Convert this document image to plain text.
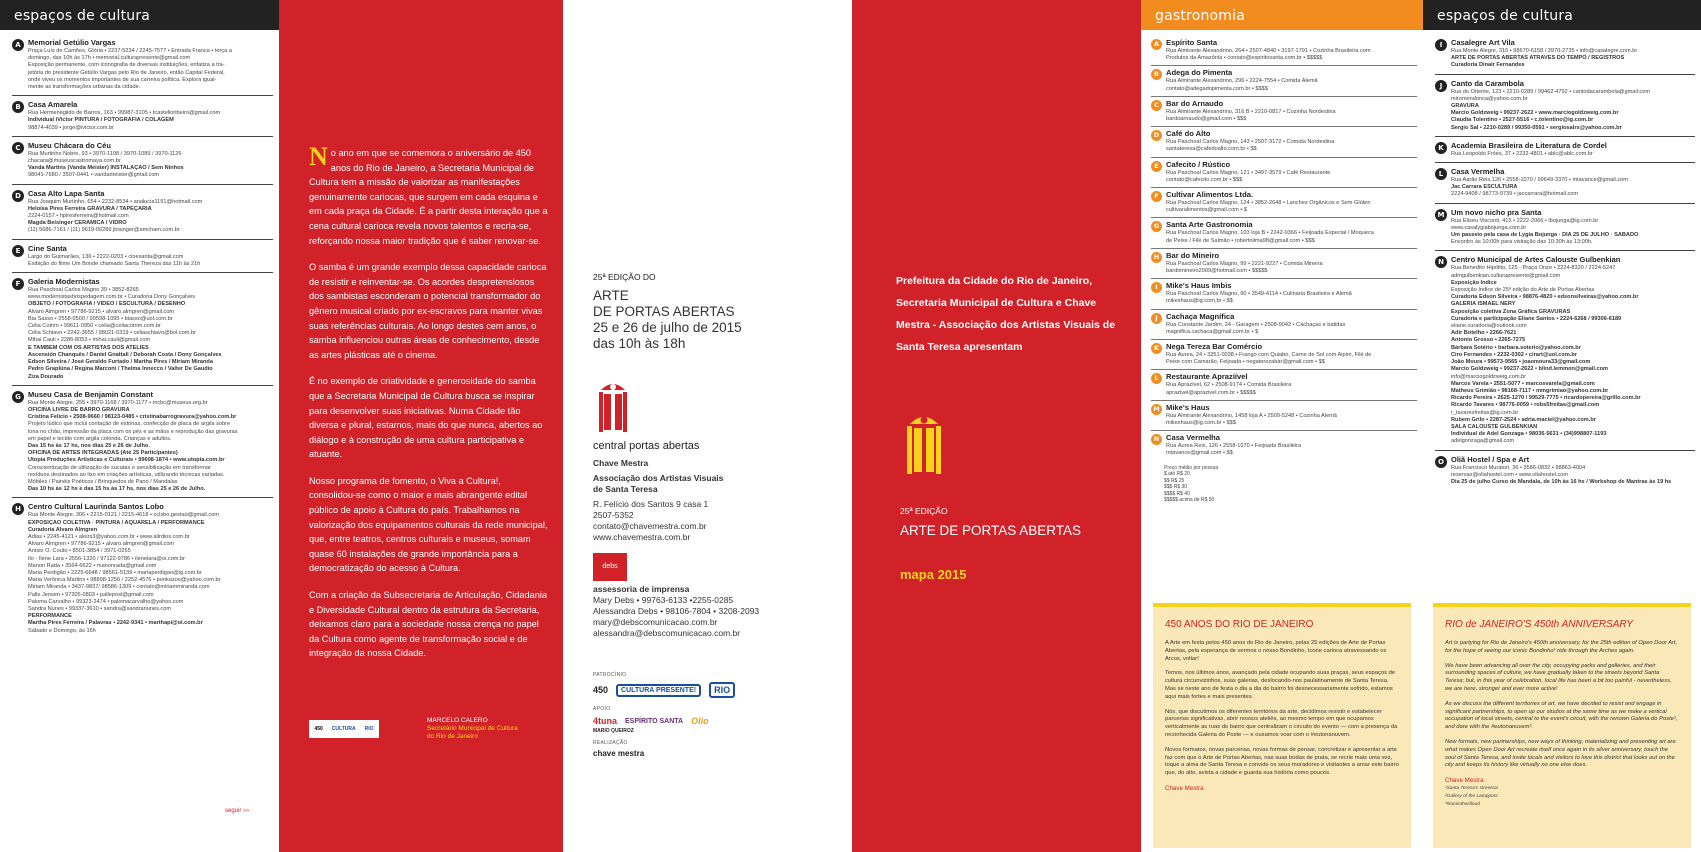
espaços de cultura
A Memorial Getúlio Vargas
Praça Luís de Camões, Glória • 2237-5234 / 2245-7577 • Entrada Franca • terça a
domingo, das 10h às 17h • memorial.culturapresente@gmail.com
Exposição permanente, com iconografia de diversas instituições, enfatiza a tra-
jetória do presidente Getúlio Vargas pelo Rio de Janeiro, então Capital Federal,
onde viveu os momentos importantes de sua carreira política. Explora igual-
mente as transformações urbanas da cidade.
B Casa Amarela
Rua Hermenegildo de Barros, 163 • 99987-3105 • tcastelloribeiro@gmail.com
Individual iVictor PINTURA / FOTOGRAFIA / COLAGEM
98874-4039 • jorge@ivictor.com.br
C Museu Chácara do Céu
Rua Murtinho Nobre, 93 • 3970-1198 / 3970-1089 / 3970-1126
chacara@museuscastromaya.com.br
Vanda Martins (Vanda Meister) INSTALAÇÃO / Sem Ninhos
98041-7680 / 3507-0441 • vandameister@gmail.com
D Casa Alto Lapa Santa
Rua Joaquim Murtinho, 654 • 2232-8534 • analucia1191@hotmail.com
Heloísa Pires Ferreira GRAVURA / TAPEÇARIA
2224-0157 • hpiresferreira@hotmail.com
Magda Beisinger CERÂMICA / VIDRO
(11) 5686-7161 / (11) 9619-00289 jbisinger@amcham.com.br
E	Cine Santa
Largo do Guimarães, 136 • 2222-0203 • cinesanta@gmail.com
Exibição do filme Um Bonde chamado Santa Thereza das 11h às 21h
F	Galeria Modernistas
Rua Paschoal Carlos Magno 39 • 3852-8265
www.modernistashospedagem.com.br • Curadoria Dony Gonçalves
OBJETO / FOTOGRAFIA / VÍDEO / ESCULTURA / DESENHO
Alvaro Almgren • 97786-9215 • alvaro.almgren@gmail.com
Bia Sasso • 2558-0500 / 99598-1095 • biasso@uol.com.br
Celia Cotrim • 99611-0950 • celia@celiacotrim.com.br
Célia Schiavo • 2242-3655 / 98021-0319 • celiaschiavo@bol.com.br
Mihai Cauli • 2286-8053 • mihai.cauli@gmail.com
E TAMBÉM COM OS ARTISTAS DOS ATELIÊS
Ascensión Chanquês / Daniel Gnattali / Deborah Costa / Dony Gonçalves
Edson Silveira / José Geraldo Furtado / Martha Pires / Miriam Miranda
Pedro Graplúna / Regina Marconi / Thelma Innecco / Valter De Gaudio
Ziza Dourado
G Museu Casa de Benjamin Constant
Rua Monte Alegre, 255 • 3970-1168 / 3970-1177 • mcbc@museus.org.br
OFICINA LIVRE DE BARRO GRAVURA
Cristina Felicio • 2508-9660 / 98123-0485 • cristinabarrogravura@yahoo.com.br
Projeto lúdico que inclui contação de estórias, confecção de placa de argila sobre
lona no chão, impressão da placa com os pés e as mãos e reprodução das gravuras
em papel e tecido com argila colorida. Crianças e adultos.
Das 15 hs às 17 hs, nos dias 25 e 26 de Julho.
OFICINA DE ARTES INTEGRADAS (Até 25 Participantes)
Utopia Produções Artísticas e Culturais • 99608-1874 • www.utopia.com.br
Conscientização de utilização de sucatas e sensibilização em transformar
resíduos destinados ao lixo em criações artísticas, utilizando técnicas variadas.
Móbiles / Painéis Poéticos / Brinquedos de Pano / Mandalas
Das 10 hs às 12 hs e das 15 hs às 17 hs, nos dias 25 e 26 de Julho.
H Centro Cultural Laurinda Santos Lobo
Rua Monte Alegre, 306 • 2215-0121 / 2215-4618 • cclsbo.gestao@gmail.com
EXPOSIÇÃO COLETIVA · PINTURA / AQUARELA / PERFORMANCE
Curadoria Alvaro Almgren
Adias • 2245-4121 • aleirs3@yahoo.com.br • www.alirdios.com.br
Alvaro Almgren • 97786-9215 • alvaro.almgren@gmail.com
Anísio O. Couto • 8501-3854 / 3971-0255
Ilo - Ilene Lara • 2556-1320 / 97122-9786 • ilenelara@oi.com.br
Manon Rada • 3564-6622 • manonrada@gmail.com
Maria Perdigão • 2225-6648 / 98561-5139 • mariaperdigao@ig.com.br
Maria Verônica Martins • 98898-1256 / 2252-4576 • ponkazoo@yahoo.com.br
Miriam Miranda • 3437-9837/ 98586-1309 • contato@miriammiranda.com
Palle Jensen • 97205-0803 • pallepost@gmail.com
Paloma Carvalho • 99323-2474 • palomacarvalho@yahoo.com
Sandra Nunes • 99337-3610 • sandra@sandranunes.com
PERFORMANCE
Martha Pires Ferreira / Palavras • 2242-9341 • marthapi@oi.com.br
Sábado e Domingo, às 16h
seguir ›››

No ano em que se comemora o aniversário de 450 anos do Rio de Janeiro, a Secretaria Municipal de Cultura tem a missão de valorizar as manifestações genuinamente cariocas, que surgem em cada esquina e em cada praça da Cidade. É a partir desta interação que a cena cultural carioca revela novos talentos e recria-se, reforçando nossa maior tradição que é saber renovar-se.

O samba é um grande exemplo dessa capacidade carioca de resistir e reinventar-se. Os acordes despretensiosos dos sambistas esconderam o potencial transformador do gênero musical criado por ex-escravos para manter vivas suas referências culturais. Ao longo destes cem anos, o samba influenciou outras áreas de conhecimento, desde as artes plásticas até o cinema.

É no exemplo de criatividade e generosidade do samba que a Secretaria Municipal de Cultura busca se inspirar para desenvolver suas iniciativas. Numa Cidade tão diversa e plural, estamos, mais do que nunca, abertos ao diálogo e à construção de uma cultura participativa e atuante.

Nosso programa de fomento, o Viva a Cultura!, consolidou-se como o maior e mais abrangente edital público de apoio à Cultura do país. Trabalhamos na valorização dos equipamentos culturais da rede municipal, que, entre teatros, centros culturais e museus, somam quase 60 instalações de grande importância para a democratização do acesso à Cultura.

Com a criação da Subsecretaria de Articulação, Cidadania e Diversidade Cultural dentro da estrutura da Secretaria, deixamos claro para a sociedade nossa crença no papel da Cultura como agente de transformação social e de integração da nossa Cidade.

450 CULTURA RIO
MARCELO CALERO
Secretário Municipal de Cultura
do Rio de Janeiro
25ª EDIÇÃO DO
ARTE
DE PORTAS ABERTAS
25 e 26 de julho de 2015
das 10h às 18h
central portas abertas
Chave Mestra
Associação dos Artistas Visuais
de Santa Teresa
R. Felício dos Santos 9 casa 1
2507-5352
contato@chavemestra.com.br
www.chavemestra.com.br
debs
assessoria de imprensa
Mary Debs • 99763-6133 •2255-0285
Alessandra Debs • 98106-7804 • 3208-2093
mary@debscomunicacao.com.br
alessandra@debscomunicacao.com.br
PATROCÍNIO
450	CULTURA PRESENTE!	RIO
APOIO
4tuna ESPÍRITO SANTA Olio
MARIO QUEIROZ
REALIZAÇÃO
chave mestra
Prefeitura da Cidade do Rio de Janeiro, Secretaria Municipal de Cultura e Chave Mestra - Associação dos Artistas Visuais de Santa Teresa apresentam
25ª EDIÇÃO
ARTE DE PORTAS ABERTAS
mapa 2015
gastronomia
A Espírito Santa
Rua Almirante Alexandrino, 264 • 2507-4840 • 3197-1791 • Cozinha Brasileira com
Produtos da Amazônia • contato@espiritosanta.com.br • $$$$$
B Adega do Pimenta
Rua Almirante Alexandrino, 296 • 2224-7554 • Comida Alemã
contato@adegadopimenta.com.br • $$$$
C Bar do Arnaudo
Rua Almirante Alexandrino, 316 B • 2210-0817 • Cozinha Nordestina
bardoarnaudo@gmail.com • $$$
D Café do Alto
Rua Paschoal Carlos Magno, 143 • 2507-3172 • Comida Nordestina
santateresa@cafedoalto.com.br • $$
E Cafecito / Rústico
Rua Paschoal Carlos Magno, 121 • 3497-3579 • Café Restaurante
contato@cafecito.com.br • $$$
F Cultivar Alimentos Ltda.
Rua Paschoal Carlos Magno, 124 • 3852-2648 • Lanches Orgânicos e Sem Glúten
cultivaralimentos@gmail.com • $
G Santa Arte Gastronomia
Rua Paschoal Carlos Magno, 103 loja B • 2242-9366 • Feijoada Especial / Moqueca
de Peixe / Filé de Salmão • robertolima98@gmail.com • $$$
H Bar do Mineiro
Rua Paschoal Carlos Magno, 99 • 2221-9227 • Comida Mineira
bardomineiro2009@hotmail.com • $$$$$
I	Mike's Haus Imbis
Rua Paschoal Carlos Magno, 90 • 3549-4114 • Culinária Brasileira e Alemã
mikeshaus@ig.com.br • $$
J	Cachaça Magnífica
Rua Constante Jardim, 24 - Garagem • 2508-9042 • Cachaças e batidas
magnifica.cachaca@gmail.com.br • $
K Nega Tereza Bar Comércio
Rua Áurea, 24 • 3251-0038 • Frango com Quiabo, Carne de Sol com Aipim, Filé de
Peixe com Camarão, Feijoada • negaterezabar@gmail.com • $$
L Restaurante Apraziível
Rua Aprazível, 62 • 2508-9174 • Comida Brasileira
aprazivel@aprazivel.com.br • $$$$$
M Mike's Haus
Rua Almirante Alexandrino, 1458 loja A • 2509-5248 • Cozinha Alemã
mikeshaus@ig.com.br • $$$
N Casa Vermelha
Rua Áurea Reis, 126 • 2558-1070 • Feijoada Brasileira
mtavance@gmail.com • $$
Preço médio por pessoa
$ até R$ 20
$$ R$ 25
$$$ R$ 30
$$$$ R$ 40
$$$$$ acima de R$ 50
450 ANOS DO RIO DE JANEIRO

A Arte em festa pelos 450 anos do Rio de Janeiro, pelas 25 edições de Arte de Portas Abertas, pela esperança de vermos o nosso Bondinho, ícone carioca atravessando os Arcos, voltar!

Temos, nos últimos anos, avançado pela cidade ocupando suas praças, seus espaços de cultura circunvizinhos, suas galerias, deslocando-nos paulatinamente de Santa Teresa. Mas se neste ano de festa o dia a dia do bairro foi desnecessariamente sofrido, estamos aqui mais fortes e mais presentes.

Nós, que discutimos os diferentes territórios da arte, decidimos resistir e estabelecer parcerias significativas, abrir nossos ateliês, ao mesmo tempo em que ocupamos verticalmente as ruas do bairro que centralizam o circuito do evento — com a presença da reconhecida Galeria do Poste — e ousamos voar com o #eutonanuvem.

Novos formatos, novas parcerias, novas formas de pensar, concretizar e apresentar a arte faz com que o Arte de Portas Abertas, nas suas bodas de prata, se recrie mais uma vez, toque a alma de Santa Teresa e convide os seus moradores e visitantes a amar este bairro que, do alto, avista a cidade e guarda sua história como poucos.

Chave Mestra
espaços de cultura
I	Casalegre Art Vila
Rua Monte Alegre, 316 • 98670-6158 / 3970-2735 • info@casalegre.com.br
ARTE DE PORTAS ABERTAS ATRAVÉS DO TEMPO / REGISTROS
Curadoria Dinair Fernandes
J	Canto da Carambola
Rua do Oriente, 123 • 2210-0289 / 99462-4792 • cantodacarambola@gmail.com
miromendonca@yahoo.com.br
GRAVURA
Marcio Goldzweig • 99237-2622 • www.marciogoldzweig.com.br
Claudia Tolentino • 2527-5516 • c.tolentino@ig.com.br
Sergio Sal • 2210-0289 / 99350-0591 • sergiosalrs@yahoo.com.br
K Academia Brasileira de Literatura de Cordel
Rua Leopoldo Fróes, 37 • 2232-4801 • ablc@ablc.com.br
L	Casa Vermelha
Rua Aarão Reis,126 • 2558-1070 / 99649-3370 • mtavance@gmail.com
Jac Carrara ESCULTURA
2224-9408 / 98773-9739 • jaccarrara@hotmail.com
M Um novo nicho pra Santa
Rua Eliseu Visconti, 415 • 2222-2066 • lbojunga@ig.com.br
www.casalygiabojunga.com.br
Um passeio pela casa de Lygia Bojunga · DIA 25 DE JULHO · SÁBADO
Encontro às 10:00h para visitação das 10:30h às 13:00h.
N Centro Municipal de Artes Calouste Gulbenkian
Rua Benedito Hipólito, 125 · Praça Onze • 2224-8320 / 2224-5247
admgulbenkian.culturapresente@gmail.com
Exposição Índice
Exposição Índice de 25ª edição do Arte de Portas Abertas
Curadoria Edson Silveira • 98876-4820 • edsonsilveiras@yahoo.com.br
GALERIA ISMAEL NERY
Exposição coletiva Zona Gráfica GRAVURAS
Curadoria e participação Eliane Santos • 2224-6268 / 99306-6189
eliane.curadoria@outlook.com
Adir Botelho • 2266-7621
Antonio Grosso • 2265-7275
Bárbara Sotério • barbara.soterio@yahoo.com.br
Ciro Fernandes • 2232-0302 • cirart@uol.com.br
João Moura • 99573-9565 • joaomoura33@gmail.com
Marcio Goldzweig • 99237-2622 • blind.lemmon@gmail.com
info@marciogoldzweig.com.br
Marcos Varela • 2551-5077 • marcosvarela@gmail.com
Matheus Grimião • 98168-7117 • mmgrimiao@yahoo.com.br
Ricardo Pereira • 2625-1270 / 99529-7775 • ricardopereira@grillo.com.br
Ricardo Tavares • 98776-0059 • robs5freitas@gmail.com
r_tavaresfreitas@ig.com.br
Rubem Grilo • 2287-2524 • adria.maciel@yahoo.com.br
SALA CALOUSTE GULBENKIAN
Individual de Adel Gonzaga • 98036-5631 • (34)998807-1193
adelgonzaga@gmail.com
O Oliã Hostel / Spa e Art
Rua Francisco Muratori, 36 • 3586-0832 • 98863-4004
reservas@oliahostel.com • www.oliahostel.com
Dia 25 de julho Curso de Mandala, de 10h às 16 hs / Workshop de Mantras às 19 hs
RIO de JANEIRO'S 450th ANNIVERSARY

Art is partying for Rio de Janeiro's 450th anniversary, for the 25th edition of Open Door Art, for the hope of seeing our iconic Bondinho¹ ride through the Arches again.

We have been advancing all over the city, occupying parks and galleries, and their surrounding spaces of culture, we have gradually taken to the streets beyond Santa Teresa; but, in this year of celebration, local life has been a bit too painful - nevertheless, we are here, stronger and ever more active!

As we discuss the different territories of art, we have decided to resist and engage in significant partnerships, to open up our studios at the same time as we make a vertical occupation of local streets, central to the event's circuit, with the renown Galeria do Poste², and dare with the #eutonanuvem³.

New formats, new partnerships, new ways of thinking, materializing and presenting art are what makes Open Door Art recreate itself once again in its silver anniversary, touch the soul of Santa Teresa, and invite locals and visitors to love this district that looks out on the city and keeps its history like virtually no one else does.

Chave Mestra
¹Santa Teresa's streetcar
²Gallery of the Lamppost
³#iamintheclloud
